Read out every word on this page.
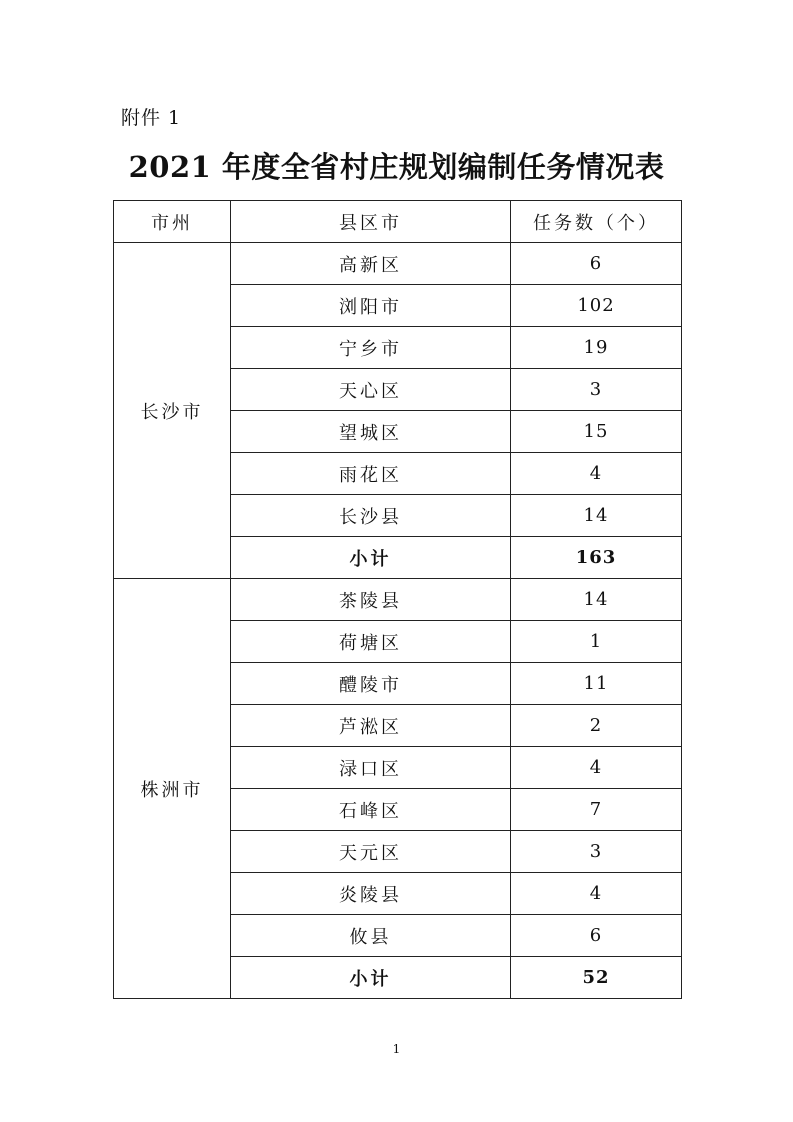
附件 1
2021 年度全省村庄规划编制任务情况表
市州	县区市	任务数（个）
长沙市	高新区	6
	浏阳市	102
	宁乡市	19
	天心区	3
	望城区	15
	雨花区	4
	长沙县	14
	小计	163
株洲市	茶陵县	14
	荷塘区	1
	醴陵市	11
	芦淞区	2
	渌口区	4
	石峰区	7
	天元区	3
	炎陵县	4
	攸县	6
	小计	52
1
